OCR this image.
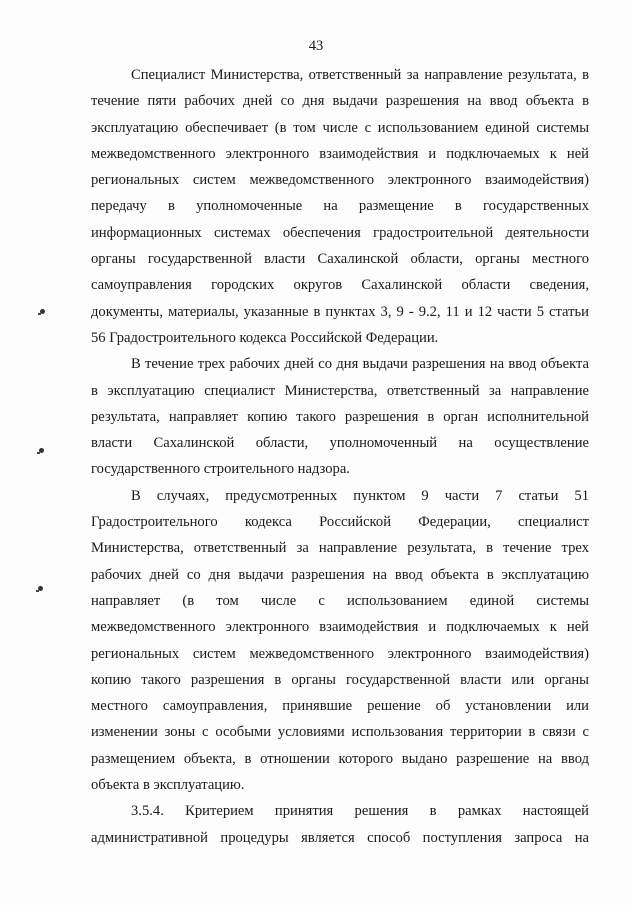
43

Специалист Министерства, ответственный за направление результата, в
течение пяти рабочих дней со дня выдачи разрешения на ввод объекта в
эксплуатацию обеспечивает (в том числе с использованием единой системы
межведомственного электронного взаимодействия и подключаемых к ней
региональных систем межведомственного электронного взаимодействия)
передачу в уполномоченные на размещение в государственных
информационных системах обеспечения градостроительной деятельности
органы государственной власти Сахалинской области, органы местного
самоуправления городских округов Сахалинской области сведения,
документы, материалы, указанные в пунктах 3, 9 - 9.2, 11 и 12 части 5 статьи
56 Градостроительного кодекса Российской Федерации.

В течение трех рабочих дней со дня выдачи разрешения на ввод объекта
в эксплуатацию специалист Министерства, ответственный за направление
результата, направляет копию такого разрешения в орган исполнительной
власти Сахалинской области, уполномоченный на осуществление
государственного строительного надзора.

В случаях, предусмотренных пунктом 9 части 7 статьи 51
Градостроительного кодекса Российской Федерации, специалист
Министерства, ответственный за направление результата, в течение трех
рабочих дней со дня выдачи разрешения на ввод объекта в эксплуатацию
направляет (в том числе с использованием единой системы
межведомственного электронного взаимодействия и подключаемых к ней
региональных систем межведомственного электронного взаимодействия)
копию такого разрешения в органы государственной власти или органы
местного самоуправления, принявшие решение об установлении или
изменении зоны с особыми условиями использования территории в связи с
размещением объекта, в отношении которого выдано разрешение на ввод
объекта в эксплуатацию.

3.5.4. Критерием принятия решения в рамках настоящей
административной процедуры является способ поступления запроса на
